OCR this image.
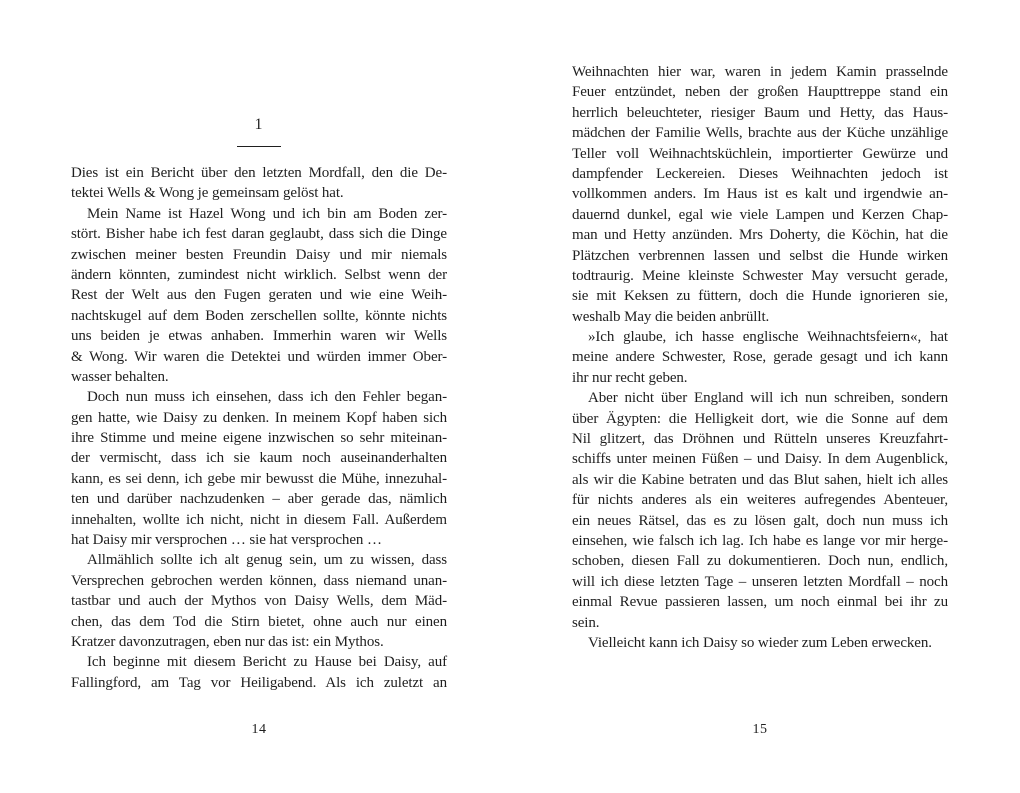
1
Dies ist ein Bericht über den letzten Mordfall, den die De-
tektei Wells & Wong je gemeinsam gelöst hat.
Mein Name ist Hazel Wong und ich bin am Boden zer-
stört. Bisher habe ich fest daran geglaubt, dass sich die Dinge
zwischen meiner besten Freundin Daisy und mir niemals
ändern könnten, zumindest nicht wirklich. Selbst wenn der
Rest der Welt aus den Fugen geraten und wie eine Weih-
nachtskugel auf dem Boden zerschellen sollte, könnte nichts
uns beiden je etwas anhaben. Immerhin waren wir Wells
& Wong. Wir waren die Detektei und würden immer Ober-
wasser behalten.
Doch nun muss ich einsehen, dass ich den Fehler began-
gen hatte, wie Daisy zu denken. In meinem Kopf haben sich
ihre Stimme und meine eigene inzwischen so sehr miteinan-
der vermischt, dass ich sie kaum noch auseinanderhalten
kann, es sei denn, ich gebe mir bewusst die Mühe, innezuhal-
ten und darüber nachzudenken – aber gerade das, nämlich
innehalten, wollte ich nicht, nicht in diesem Fall. Außerdem
hat Daisy mir versprochen … sie hat versprochen …
Allmählich sollte ich alt genug sein, um zu wissen, dass
Versprechen gebrochen werden können, dass niemand unan-
tastbar und auch der Mythos von Daisy Wells, dem Mäd-
chen, das dem Tod die Stirn bietet, ohne auch nur einen
Kratzer davonzutragen, eben nur das ist: ein Mythos.
Ich beginne mit diesem Bericht zu Hause bei Daisy, auf
Fallingford, am Tag vor Heiligabend. Als ich zuletzt an
14
Weihnachten hier war, waren in jedem Kamin prasselnde
Feuer entzündet, neben der großen Haupttreppe stand ein
herrlich beleuchteter, riesiger Baum und Hetty, das Haus-
mädchen der Familie Wells, brachte aus der Küche unzählige
Teller voll Weihnachtsküchlein, importierter Gewürze und
dampfender Leckereien. Dieses Weihnachten jedoch ist
vollkommen anders. Im Haus ist es kalt und irgendwie an-
dauernd dunkel, egal wie viele Lampen und Kerzen Chap-
man und Hetty anzünden. Mrs Doherty, die Köchin, hat die
Plätzchen verbrennen lassen und selbst die Hunde wirken
todtraurig. Meine kleinste Schwester May versucht gerade,
sie mit Keksen zu füttern, doch die Hunde ignorieren sie,
weshalb May die beiden anbrüllt.
»Ich glaube, ich hasse englische Weihnachtsfeiern«, hat
meine andere Schwester, Rose, gerade gesagt und ich kann
ihr nur recht geben.
Aber nicht über England will ich nun schreiben, sondern
über Ägypten: die Helligkeit dort, wie die Sonne auf dem
Nil glitzert, das Dröhnen und Rütteln unseres Kreuzfahrt-
schiffs unter meinen Füßen – und Daisy. In dem Augenblick,
als wir die Kabine betraten und das Blut sahen, hielt ich alles
für nichts anderes als ein weiteres aufregendes Abenteuer,
ein neues Rätsel, das es zu lösen galt, doch nun muss ich
einsehen, wie falsch ich lag. Ich habe es lange vor mir herge-
schoben, diesen Fall zu dokumentieren. Doch nun, endlich,
will ich diese letzten Tage – unseren letzten Mordfall – noch
einmal Revue passieren lassen, um noch einmal bei ihr zu
sein.
Vielleicht kann ich Daisy so wieder zum Leben erwecken.
15
